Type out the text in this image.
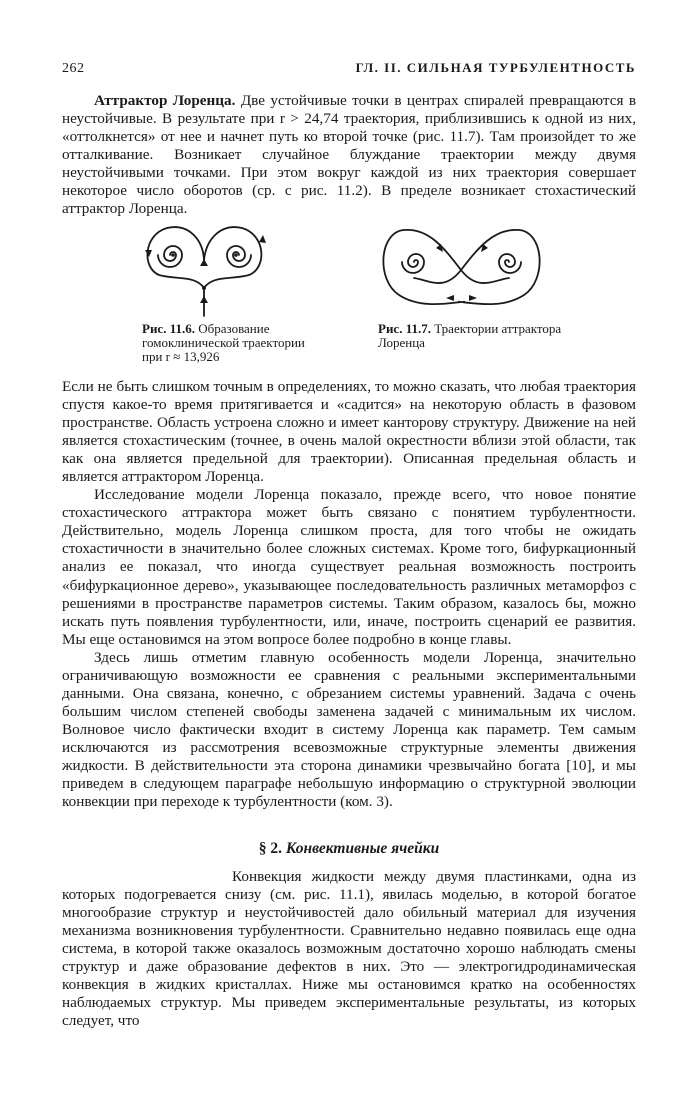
262	ГЛ. II. СИЛЬНАЯ ТУРБУЛЕНТНОСТЬ

Аттрактор Лоренца. Две устойчивые точки в центрах спиралей превращаются в неустойчивые. В результате при r > 24,74 траектория, приблизившись к одной из них, «оттолкнется» от нее и начнет путь ко второй точке (рис. 11.7). Там произойдет то же отталкивание. Возникает случайное блуждание траектории между двумя неустойчивыми точками. При этом вокруг каждой из них траектория совершает некоторое число оборотов (ср. с рис. 11.2). В пределе возникает стохастический аттрактор Лоренца.

Рис. 11.6. Образование гомоклинической траектории при r ≈ 13,926
Рис. 11.7. Траектории аттрактора Лоренца

Если не быть слишком точным в определениях, то можно сказать, что любая траектория спустя какое-то время притягивается и «садится» на некоторую область в фазовом пространстве. Область устроена сложно и имеет канторову структуру. Движение на ней является стохастическим (точнее, в очень малой окрестности вблизи этой области, так как она является предельной для траектории). Описанная предельная область и является аттрактором Лоренца.

Исследование модели Лоренца показало, прежде всего, что новое понятие стохастического аттрактора может быть связано с понятием турбулентности. Действительно, модель Лоренца слишком проста, для того чтобы не ожидать стохастичности в значительно более сложных системах. Кроме того, бифуркационный анализ ее показал, что иногда существует реальная возможность построить «бифуркационное дерево», указывающее последовательность различных метаморфоз с решениями в пространстве параметров системы. Таким образом, казалось бы, можно искать путь появления турбулентности, или, иначе, построить сценарий ее развития. Мы еще остановимся на этом вопросе более подробно в конце главы.

Здесь лишь отметим главную особенность модели Лоренца, значительно ограничивающую возможности ее сравнения с реальными экспериментальными данными. Она связана, конечно, с обрезанием системы уравнений. Задача с очень большим числом степеней свободы заменена задачей с минимальным их числом. Волновое число фактически входит в систему Лоренца как параметр. Тем самым исключаются из рассмотрения всевозможные структурные элементы движения жидкости. В действительности эта сторона динамики чрезвычайно богата [10], и мы приведем в следующем параграфе небольшую информацию о структурной эволюции конвекции при переходе к турбулентности (ком. 3).

§ 2. Конвективные ячейки

Конвекция жидкости между двумя пластинками, одна из которых подогревается снизу (см. рис. 11.1), явилась моделью, в которой богатое многообразие структур и неустойчивостей дало обильный материал для изучения механизма возникновения турбулентности. Сравнительно недавно появилась еще одна система, в которой также оказалось возможным достаточно хорошо наблюдать смены структур и даже образование дефектов в них. Это — электрогидродинамическая конвекция в жидких кристаллах. Ниже мы остановимся кратко на особенностях наблюдаемых структур. Мы приведем экспериментальные результаты, из которых следует, что
